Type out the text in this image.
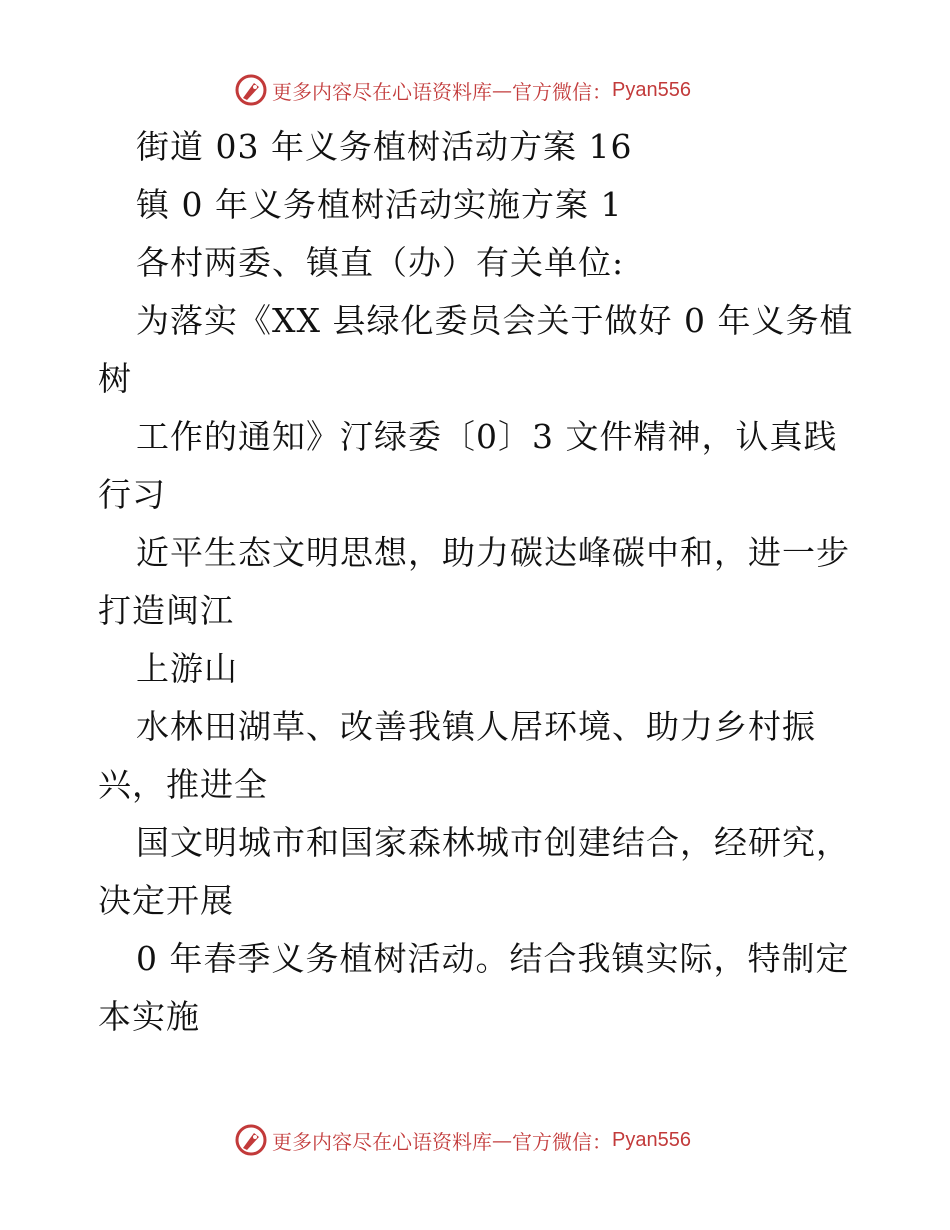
更多内容尽在心语资料库 — 官方微信： Pyan556
街道 03 年义务植树活动方案 16
镇 0 年义务植树活动实施方案 1
各村两委、镇直（办）有关单位:
为落实《XX 县绿化委员会关于做好 0 年义务植
树
工作的通知》汀绿委〔0〕3 文件精神，认真践
行习
近平生态文明思想，助力碳达峰碳中和，进一步
打造闽江
上游山
水林田湖草、改善我镇人居环境、助力乡村振
兴，推进全
国文明城市和国家森林城市创建结合，经研究，
决定开展
0 年春季义务植树活动。结合我镇实际，特制定
本实施
更多内容尽在心语资料库 — 官方微信： Pyan556
